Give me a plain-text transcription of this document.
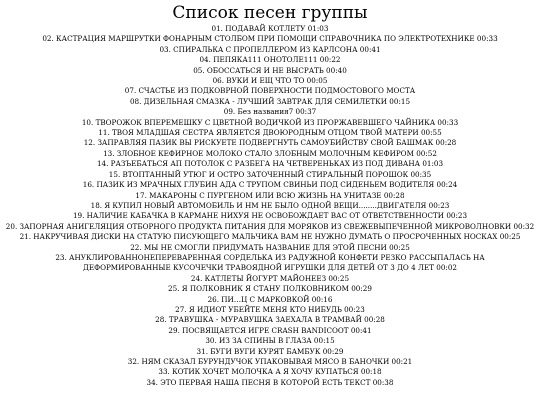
Список песен группы
01. ПОДАВАЙ КОТЛЕТУ 01:03
02. КАСТРАЦИЯ МАРШРУТКИ ФОНАРНЫМ СТОЛБОМ ПРИ ПОМОЩИ СПРАВОЧНИКА ПО ЭЛЕКТРОТЕХНИКЕ 00:33
03. СПИРАЛЬКА С ПРОПЕЛЛЕРОМ ИЗ КАРЛСОНА 00:41
04. ПЕПЯКА111 ОНОТОЛЕ111 00:22
05. ОБОССАТЬСЯ И НЕ ВЫСРАТЬ 00:40
06. ВУКИ И ЕЩ ЧТО ТО 00:05
07. СЧАСТЬЕ ИЗ ПОДКОВРНОЙ ПОВЕРХНОСТИ ПОДМОСТОВОГО МОСТА
08. ДИЗЕЛЬНАЯ СМАЗКА - ЛУЧШИЙ ЗАВТРАК ДЛЯ СЕМИЛЕТКИ 00:15
09. Без названия7 00:37
10. ТВОРОЖОК ВПЕРЕМЕШКУ С ЦВЕТНОЙ ВОДИЧКОЙ ИЗ ПРОРЖАВЕВШЕГО ЧАЙНИКА 00:33
11. ТВОЯ МЛАДШАЯ СЕСТРА ЯВЛЯЕТСЯ ДВОЮРОДНЫМ ОТЦОМ ТВОЙ МАТЕРИ 00:55
12. ЗАПРАВЛЯЯ ПАЗИК ВЫ РИСКУЕТЕ ПОДВЕРГНУТЬ САМОУБИЙСТВУ СВОЙ БАШМАК 00:28
13. ЗЛОБНОЕ КЕФИРНОЕ МОЛОКО СТАЛО ЗЛОБНЫМ МОЛОЧНЫМ КЕФИРОМ 00:52
14. РАЗЪЕБАТЬСЯ АП ПОТОЛОК С РАЗБЕГА НА ЧЕТВЕРЕНЬКАХ ИЗ ПОД ДИВАНА 01:03
15. ВТОПТАННЫЙ УТЮГ И ОСТРО ЗАТОЧЕННЫЙ СТИРАЛЬНЫЙ ПОРОШОК 00:35
16. ПАЗИК ИЗ МРАЧНЫХ ГЛУБИН АДА С ТРУПОМ СВИНЬИ ПОД СИДЕНЬЕМ ВОДИТЕЛЯ 00:24
17. МАКАРОНЫ С ПУРГЕНОМ ИЛИ ВСЮ ЖИЗНЬ НА УНИТАЗЕ 00:28
18. Я КУПИЛ НОВЫЙ АВТОМОБИЛЬ И НМ НЕ БЫЛО ОДНОЙ ВЕЩИ........ДВИГАТЕЛЯ 00:23
19. НАЛИЧИЕ КАБАЧКА В КАРМАНЕ НИХУЯ НЕ ОСВОБОЖДАЕТ ВАС ОТ ОТВЕТСТВЕННОСТИ 00:23
20. ЗАПОРНАЯ АНИГЕЛЯЦИЯ ОТБОРНОГО ПРОДУКТА ПИТАНИЯ ДЛЯ МОРЯКОВ ИЗ СВЕЖЕВЫПЕЧЕННОЙ МИКРОВОЛНОВКИ 00:32
21. НАКРУЧИВАЯ ДИСКИ НА СТАТУЮ ПИСУЮЩЕГО МАЛЬЧИКА ВАМ НЕ НУЖНО ДУМАТЬ О ПРОСРОЧЕННЫХ НОСКАХ 00:25
22. МЫ НЕ СМОГЛИ ПРИДУМАТЬ НАЗВАНИЕ ДЛЯ ЭТОЙ ПЕСНИ 00:25
23. АНУКЛИРОВАННОНЕПЕРЕВАРЕННАЯ СОРДЕЛЬКА ИЗ РАДУЖНОЙ КОНФЕТИ РЕЗКО РАССЫПАЛАСЬ НА ДЕФОРМИРОВАННЫЕ КУСОЧЕЧКИ ТРАВОЯДНОЙ ИГРУШКИ ДЛЯ ДЕТЕЙ ОТ 3 ДО 4 ЛЕТ 00:02
24. КАТЛЕТЫ ЙОГУРТ МАЙОНЕЕЗ 00:25
25. Я ПОЛКОВНИК Я СТАНУ ПОЛКОВНИКОМ 00:29
26. ПИ…Ц С МАРКОВКОЙ 00:16
27. Я ИДИОТ УБЕЙТЕ МЕНЯ КТО НИБУДЬ 00:23
28. ТРАВУШКА - МУРАВУШКА ЗАЕХАЛА В ТРАМВАЙ 00:28
29. ПОСВЯЩАЕТСЯ ИГРЕ CRASH BANDICOOT 00:41
30. ИЗ ЗА СПИНЫ В ГЛАЗА 00:15
31. БУГИ ВУГИ КУРЯТ БАМБУК 00:29
32. НЯМ СКАЗАЛ БУРУНДУЧОК УПАКОВЫВАЯ МЯСО В БАНОЧКИ 00:21
33. КОТИК ХОЧЕТ МОЛОЧКА А Я ХОЧУ КУПАТЬСЯ 00:18
34. ЭТО ПЕРВАЯ НАША ПЕСНЯ В КОТОРОЙ ЕСТЬ ТЕКСТ 00:38
